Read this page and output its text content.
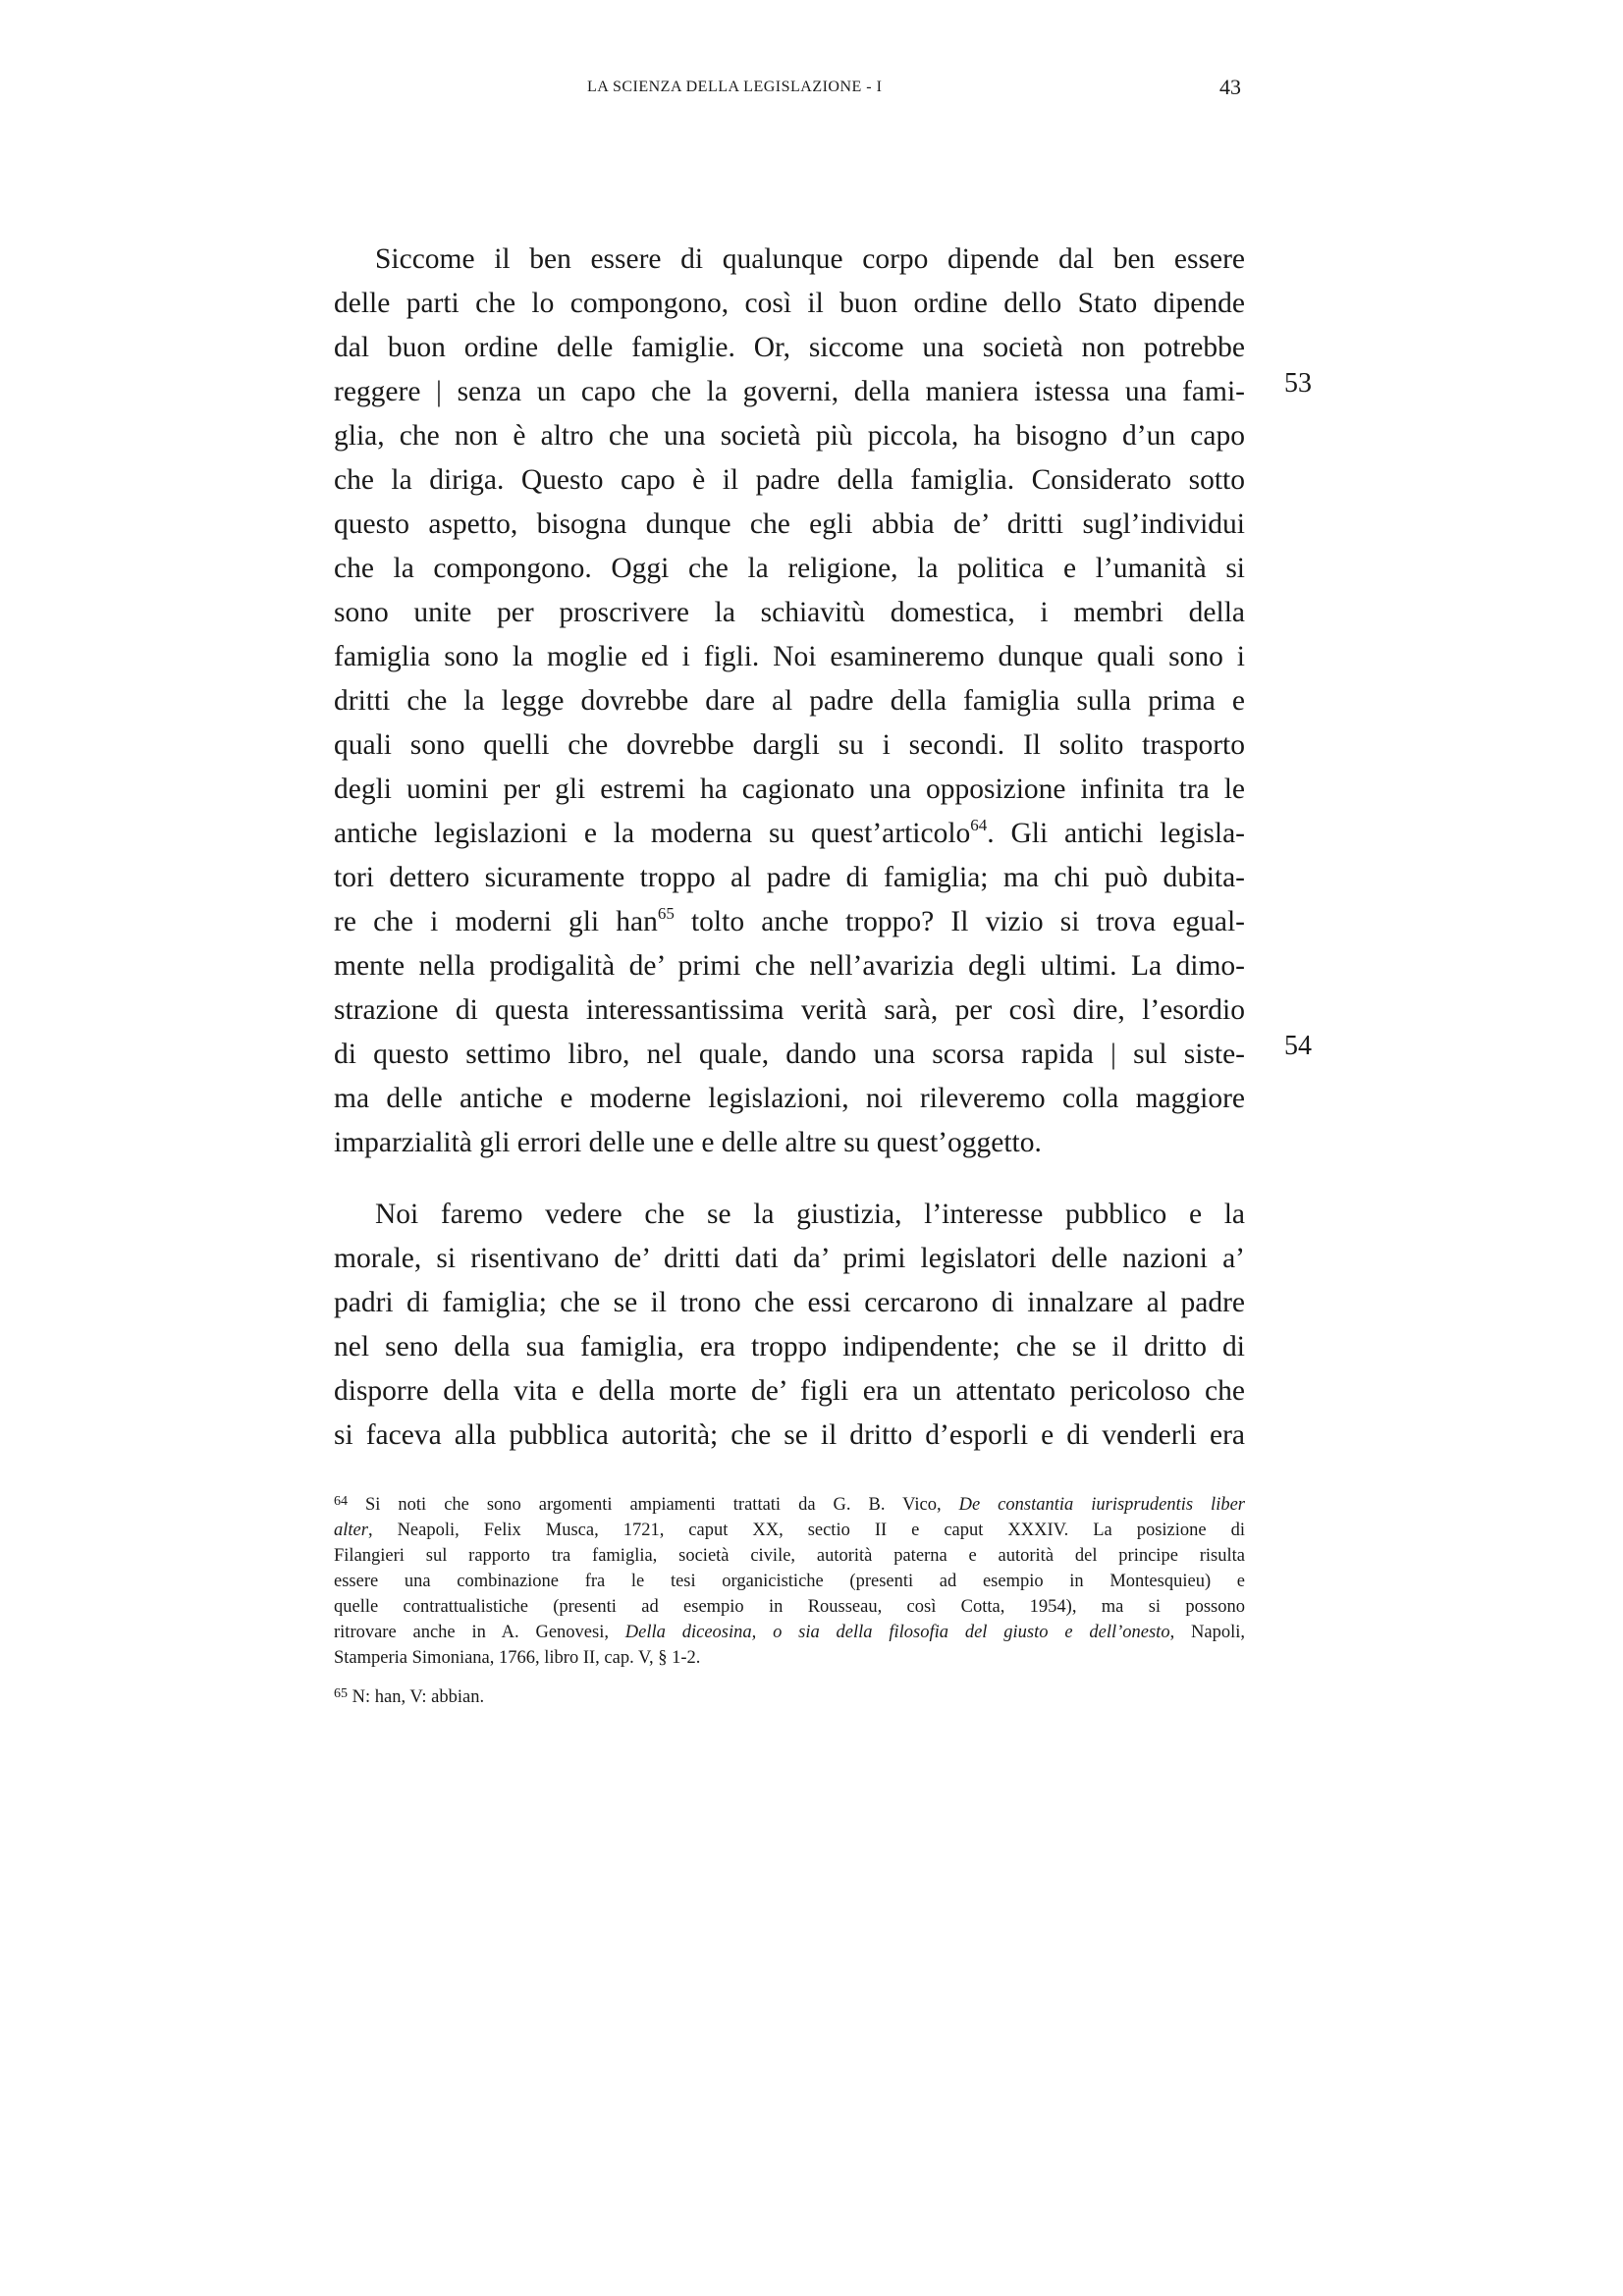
LA SCIENZA DELLA LEGISLAZIONE - I	43
53
54
Siccome il ben essere di qualunque corpo dipende dal ben essere
delle parti che lo compongono, così il buon ordine dello Stato dipende
dal buon ordine delle famiglie. Or, siccome una società non potrebbe
reggere | senza un capo che la governi, della maniera istessa una fami-
glia, che non è altro che una società più piccola, ha bisogno d’un capo
che la diriga. Questo capo è il padre della famiglia. Considerato sotto
questo aspetto, bisogna dunque che egli abbia de’ dritti sugl’individui
che la compongono. Oggi che la religione, la politica e l’umanità si
sono unite per proscrivere la schiavitù domestica, i membri della
famiglia sono la moglie ed i figli. Noi esamineremo dunque quali sono i
dritti che la legge dovrebbe dare al padre della famiglia sulla prima e
quali sono quelli che dovrebbe dargli su i secondi. Il solito trasporto
degli uomini per gli estremi ha cagionato una opposizione infinita tra le
antiche legislazioni e la moderna su quest’articolo$^{64}$. Gli antichi legisla-
tori dettero sicuramente troppo al padre di famiglia; ma chi può dubita-
re che i moderni gli han$^{65}$ tolto anche troppo? Il vizio si trova egual-
mente nella prodigalità de’ primi che nell’avarizia degli ultimi. La dimo-
strazione di questa interessantissima verità sarà, per così dire, l’esordio
di questo settimo libro, nel quale, dando una scorsa rapida | sul siste-
ma delle antiche e moderne legislazioni, noi rileveremo colla maggiore
imparzialità gli errori delle une e delle altre su quest’oggetto.
Noi faremo vedere che se la giustizia, l’interesse pubblico e la
morale, si risentivano de’ dritti dati da’ primi legislatori delle nazioni a’
padri di famiglia; che se il trono che essi cercarono di innalzare al padre
nel seno della sua famiglia, era troppo indipendente; che se il dritto di
disporre della vita e della morte de’ figli era un attentato pericoloso che
si faceva alla pubblica autorità; che se il dritto d’esporli e di venderli era
$^{64}$ Si noti che sono argomenti ampiamenti trattati da G. B. Vico, De constantia iurisprudentis liber
alter, Neapoli, Felix Musca, 1721, caput XX, sectio II e caput XXXIV. La posizione di
Filangieri sul rapporto tra famiglia, società civile, autorità paterna e autorità del principe risulta
essere una combinazione fra le tesi organicistiche (presenti ad esempio in Montesquieu) e
quelle contrattualistiche (presenti ad esempio in Rousseau, così Cotta, 1954), ma si possono
ritrovare anche in A. Genovesi, Della diceosina, o sia della filosofia del giusto e dell’onesto, Napoli,
Stamperia Simoniana, 1766, libro II, cap. V, § 1-2.
$^{65}$ N: han, V: abbian.
